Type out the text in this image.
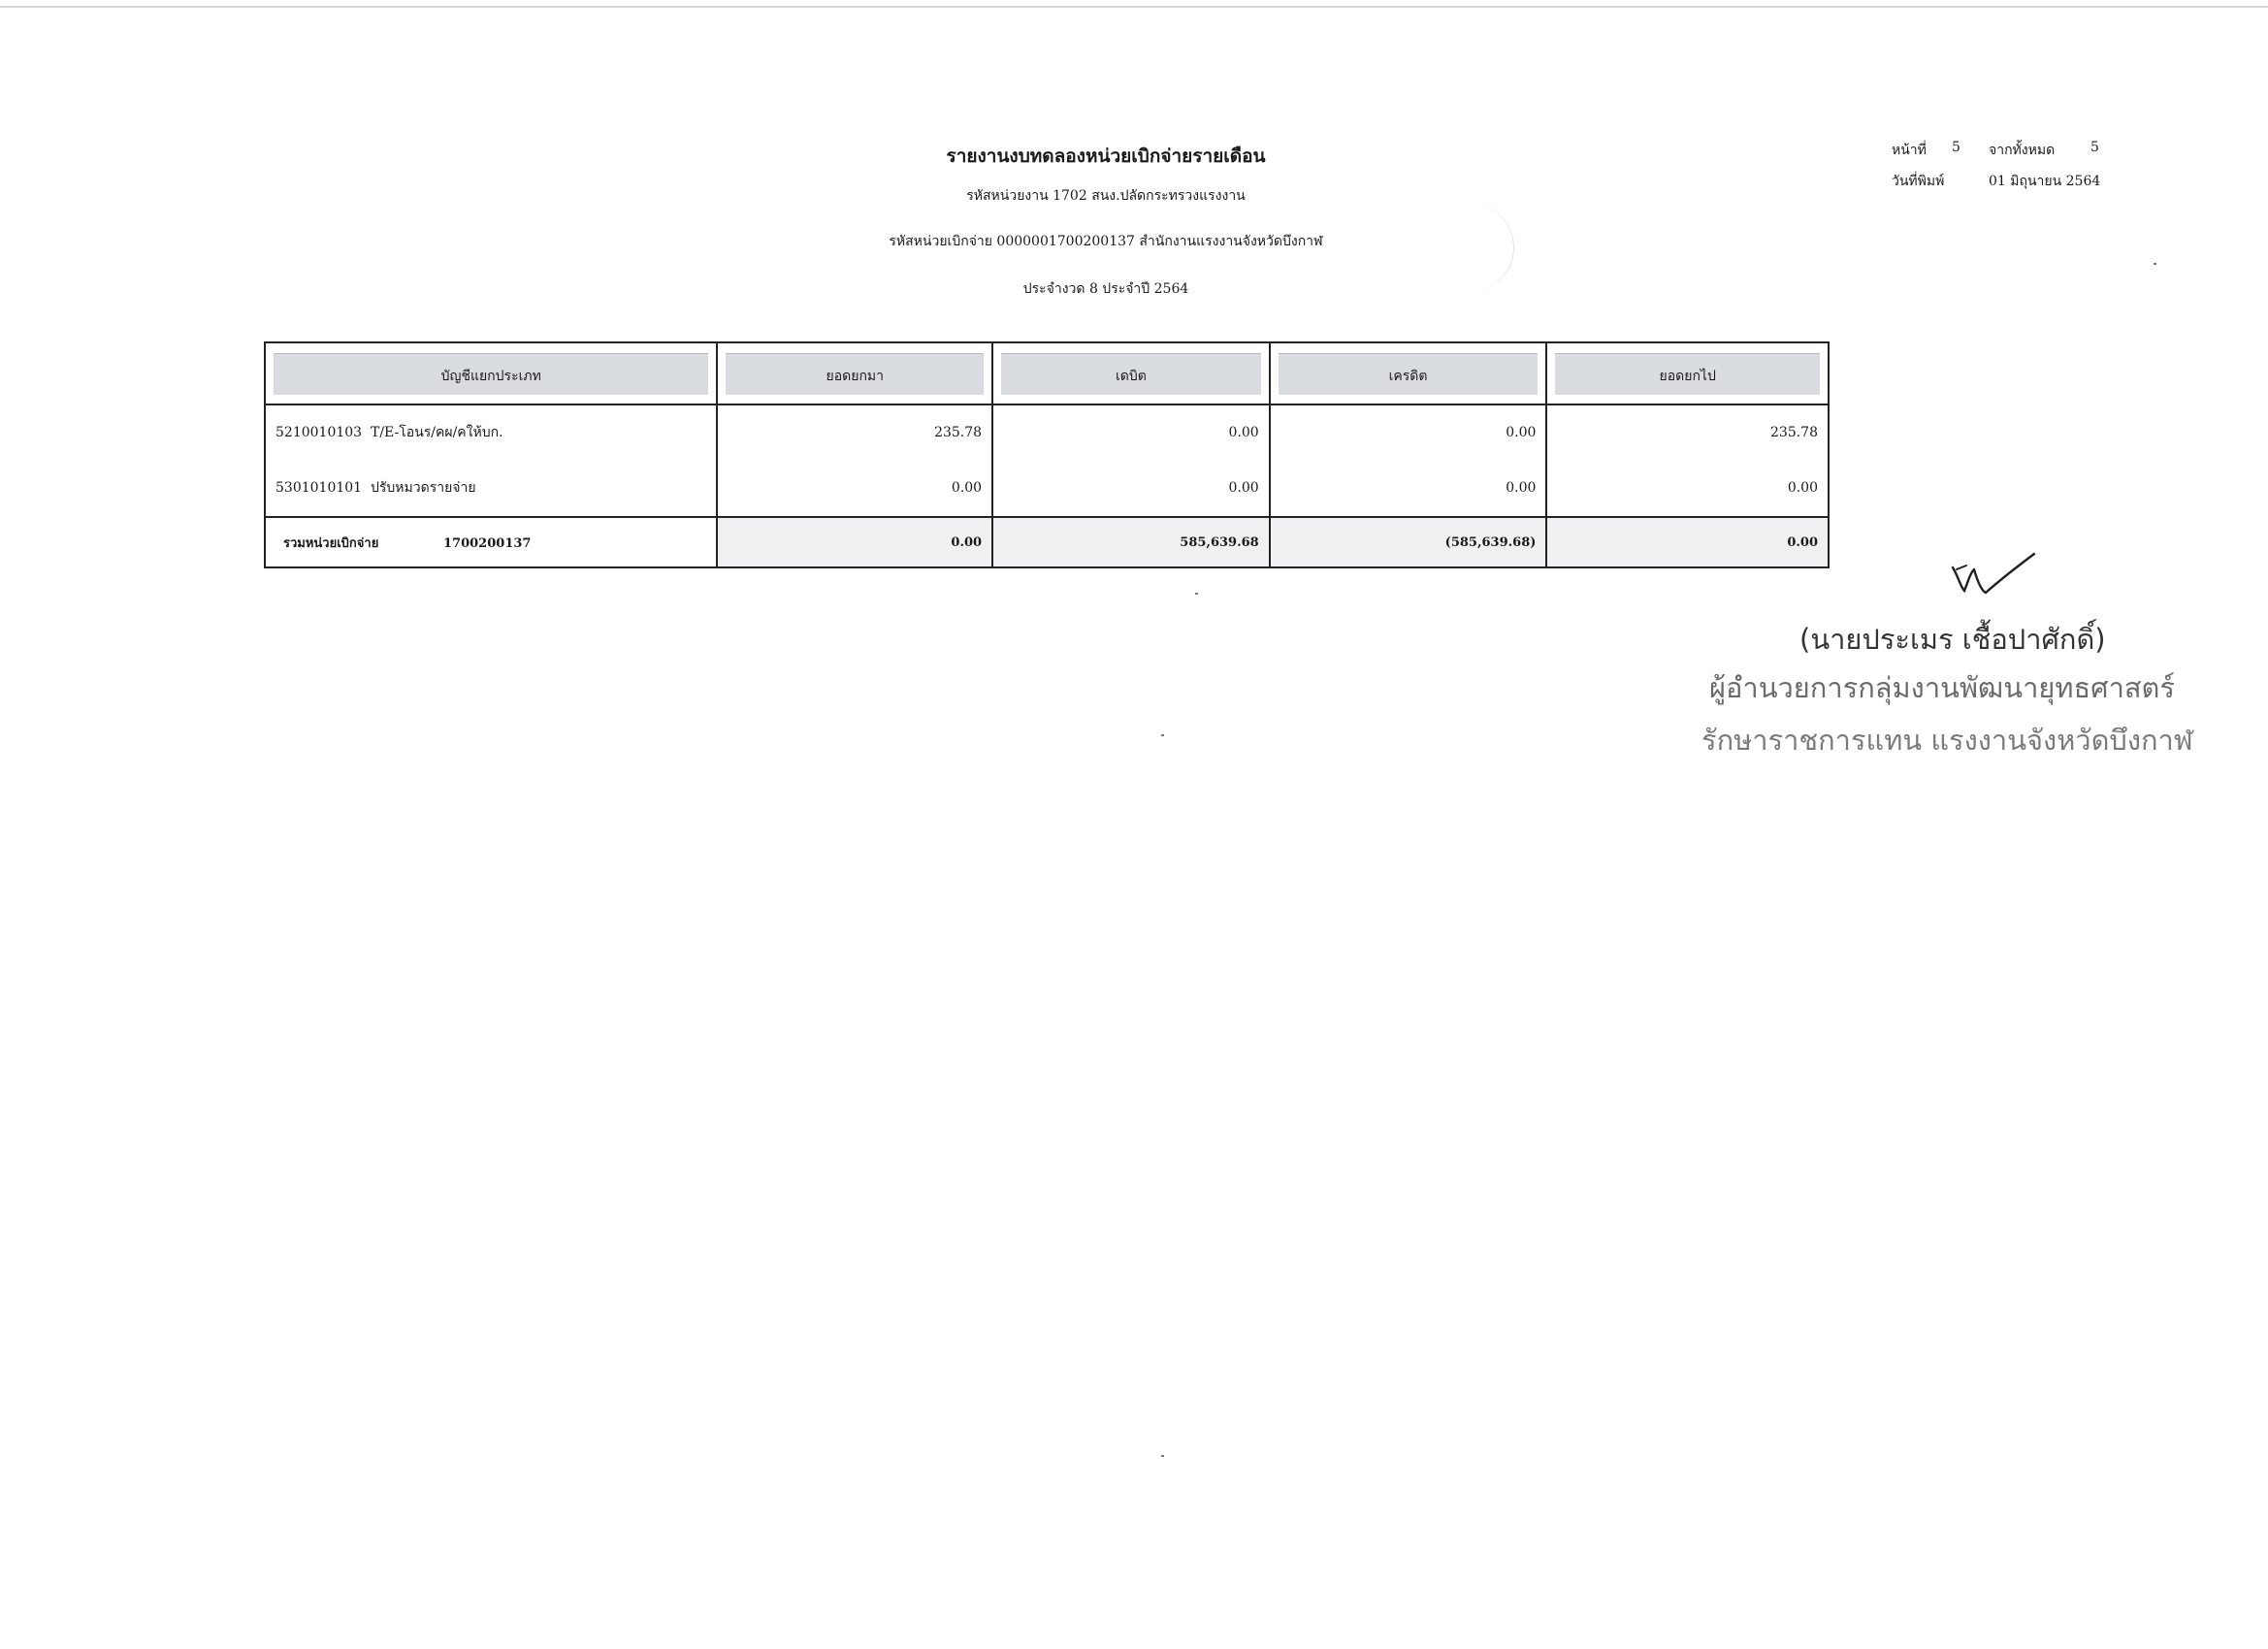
รายงานงบทดลองหน่วยเบิกจ่ายรายเดือน
รหัสหน่วยงาน 1702 สนง.ปลัดกระทรวงแรงงาน
รหัสหน่วยเบิกจ่าย 0000001700200137 สำนักงานแรงงานจังหวัดบึงกาฬ
ประจำงวด 8 ประจำปี 2564
หน้าที่ 5 จากทั้งหมด	5
วันที่พิมพ์	01 มิถุนายน 2564
บัญชีแยกประเภท	ยอดยกมา	เดบิต	เครดิต	ยอดยกไป

5210010103 T/E-โอนร/คผ/คให้บก.	235.78	0.00	0.00	235.78
5301010101 ปรับหมวดรายจ่าย	0.00	0.00	0.00	0.00
รวมหน่วยเบิกจ่าย 1700200137	0.00	585,639.68	(585,639.68)	0.00
(นายประเมร เชื้อปาศักดิ์)
ผู้อำนวยการกลุ่มงานพัฒนายุทธศาสตร์
รักษาราชการแทน แรงงานจังหวัดบึงกาฬ
